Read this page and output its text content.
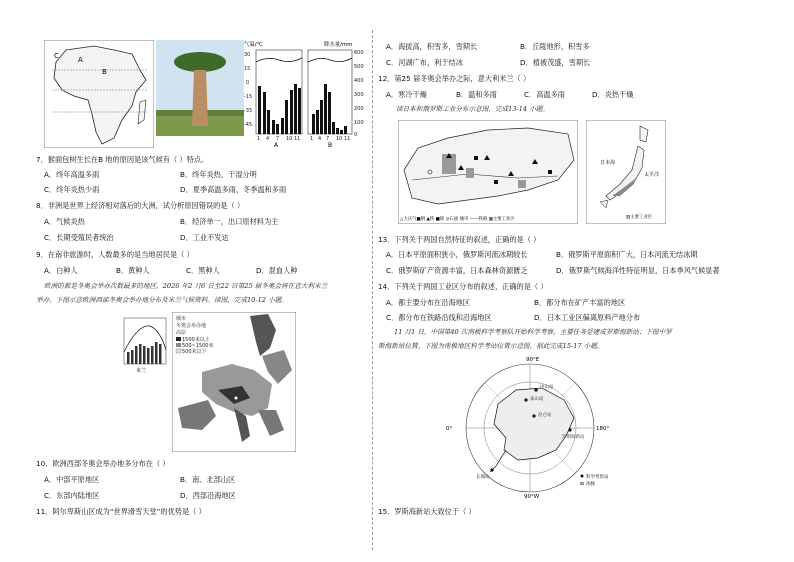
A
B
C
气温/℃
30
15
0
-15
-35
-45
1 4 7 10 11
A
降水量/mm
600
500
400
300
200
100
0
1 4 7 10 11
B
7．猴面包树生长在B 地的原因是该气候有（ ）特点。
A．终年高温多雨	B．终年炎热，干湿分明
C．终年炎热少雨	D．夏季高温多雨，冬季温和多雨
8．非洲是世界上经济相对落后的大洲，试分析原因错误的是（ ）
A．气候炎热	B．经济单一，出口原材料为主
C．长期受殖民者统治	D．工业不发达
9．在南非旅游时，人数最多的是当地居民是（ ）
A．白种人	B．黄种人	C．黑种人	D．混血人种
欧洲的都是冬奥会举办次数最多的地区，2026 年2 月6 日至22 日第25 届冬奥会将在意大利米兰
举办。下图示意欧洲西部冬奥会举办地分布及米兰气候资料。读图，完成10-12 小题。
米兰
城市
冬奥会举办地
高原
1500米以上
500~1500米
500米以下
10．欧洲西部冬奥会举办地多分布在（ ）
A．中部平原地区	B．南、北部山区
C．东部内陆地区	D．西部沿海地区
11．阿尔卑斯山区成为“世界滑雪天堂”的优势是（ ）
A．海拔高，积雪多，雪期长	B．丘陵地形，积雪多
C．河湖广布，利于结冰	D．植被茂盛，雪期长
12．第25 届冬奥会举办之际，意大利米兰（ ）
A．寒冷干燥	B．温和多雨	C．高温多雨	D．炎热干燥
读日本和俄罗斯工业分布示意图，完成13-14 小题。
△大庆气■钢 ▲铁 ■煤 ◎石油 城市 ——铁路 ▦主要工业区
日本海
太平洋
▥主要工业区
13．下列关于两国自然特征的叙述，正确的是（ ）
A．日本平原面积狭小，俄罗斯河流冰期较长	B．俄罗斯平原面积广大，日本河流无结冰期
C．俄罗斯矿产资源丰富，日本森林资源匮乏	D．俄罗斯气候海洋性特征明显，日本季风气候显著
14．下列关于两国工业区分布的叙述，正确的是（ ）
A．都主要分布在沿海地区	B．都分布在矿产丰富的地区
C．都分布在铁路沿线和沿海地区	D．日本工业区偏离原料产地分布
11 月1 日，中国第40 次南极科学考察队开始科学考察，主要任务是建成罗斯海新站；下图中罗
斯海新站位置。下图为南极地区科学考站位置示意图。据此完成15-17 小题。
90°E
0°	180°
90°W
中山站
泰山站
昆仑站
罗斯海新站
长城站	科学考察站
冰脉
15．罗斯海新站大致位于（ ）
